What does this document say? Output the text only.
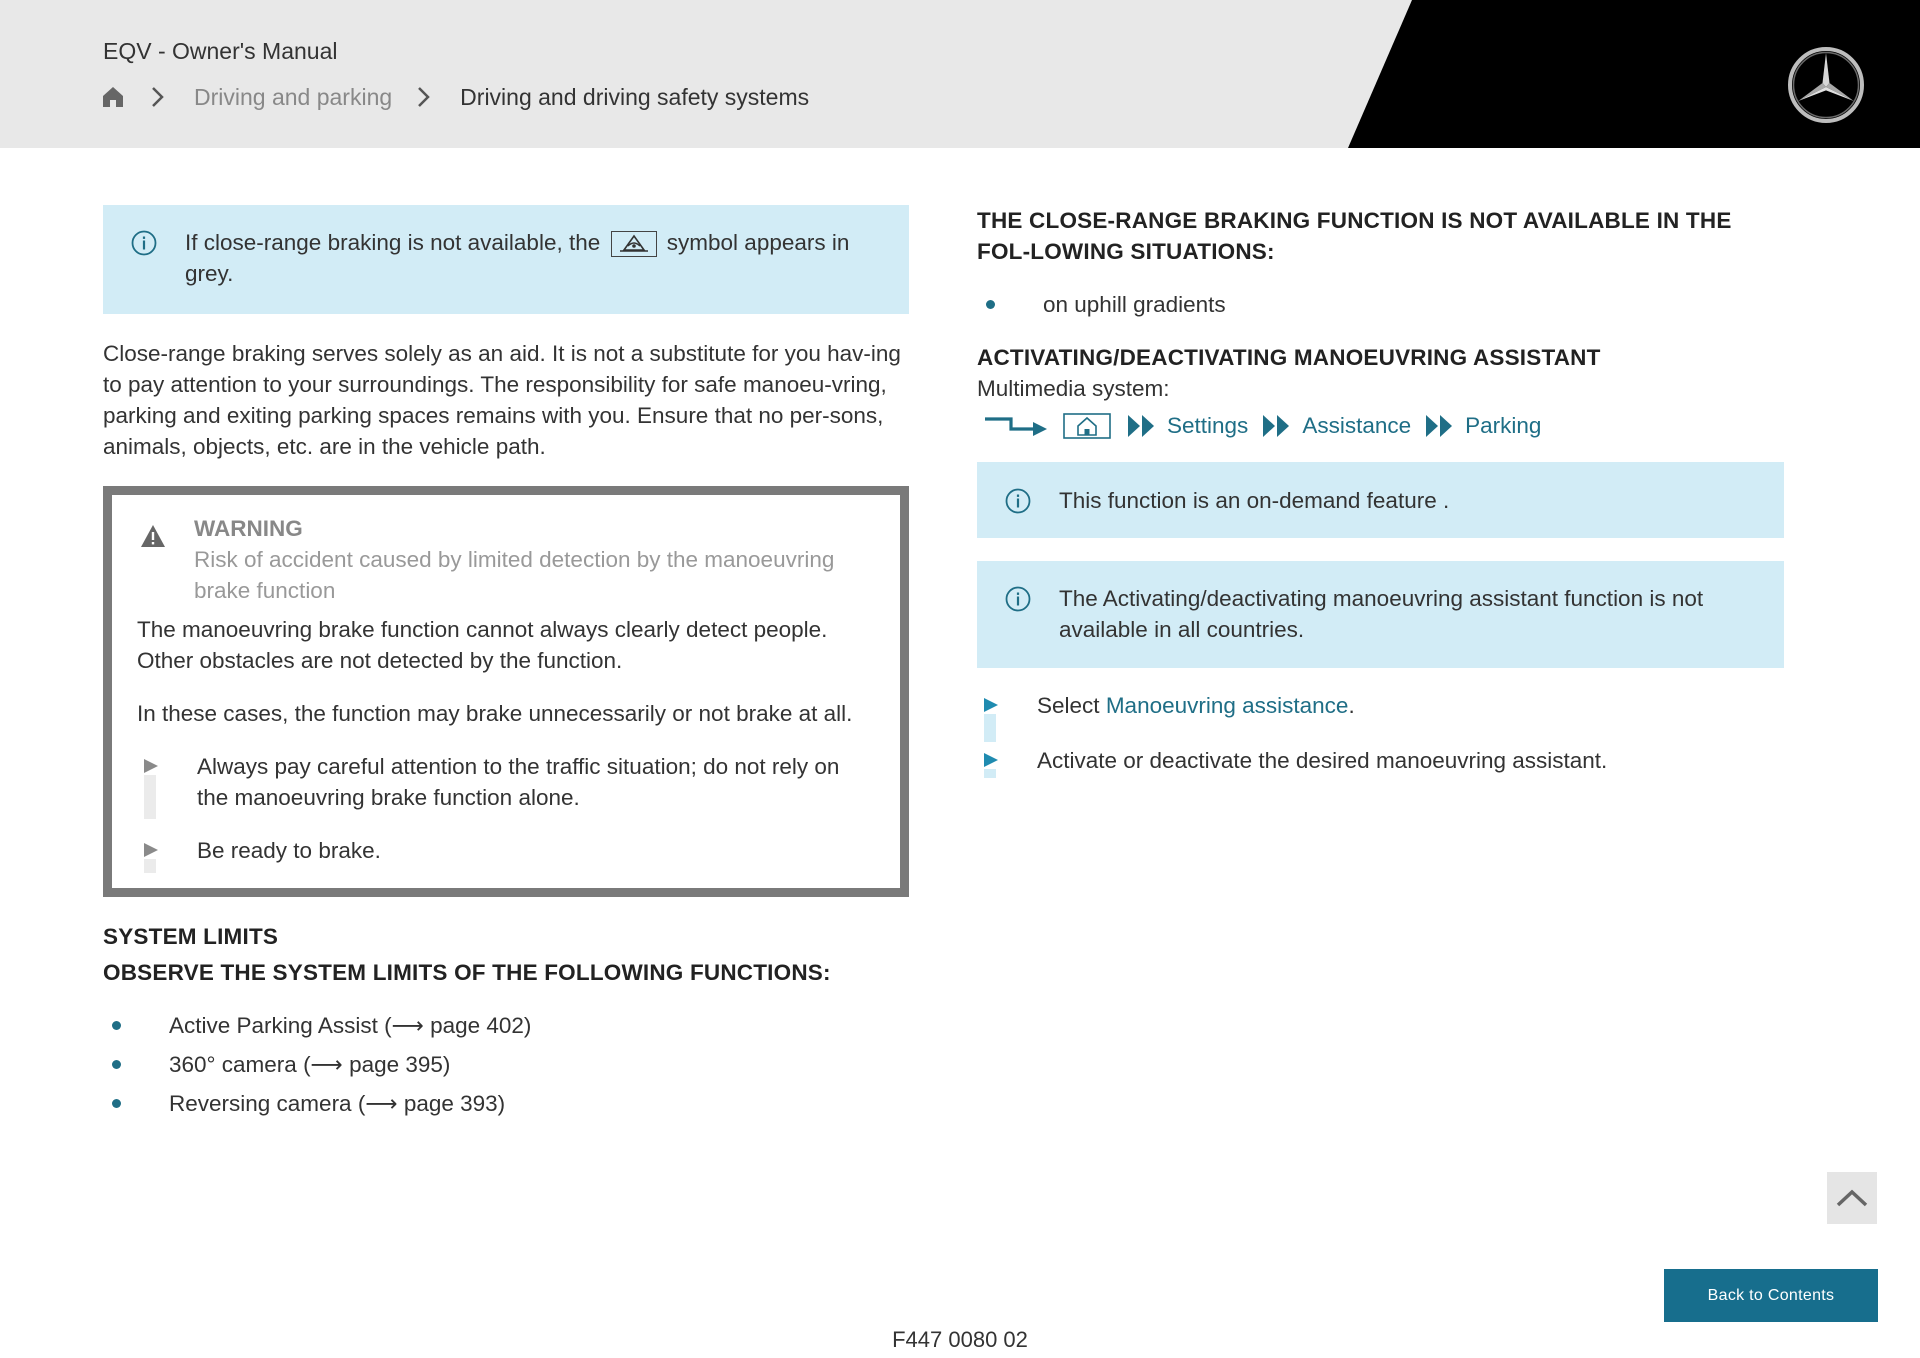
EQV - Owner's Manual
Driving and parking	Driving and driving safety systems
If close-range braking is not available, the	symbol appears in grey.
Close-range braking serves solely as an aid. It is not a substitute for you hav-ing to pay attention to your surroundings. The responsibility for safe manoeu-vring, parking and exiting parking spaces remains with you. Ensure that no per-sons, animals, objects, etc. are in the vehicle path.
WARNING
Risk of accident caused by limited detection by the manoeuvring brake function
The manoeuvring brake function cannot always clearly detect people. Other obstacles are not detected by the function.
In these cases, the function may brake unnecessarily or not brake at all.
Always pay careful attention to the traffic situation; do not rely on the manoeuvring brake function alone.
Be ready to brake.
SYSTEM LIMITS
OBSERVE THE SYSTEM LIMITS OF THE FOLLOWING FUNCTIONS:
Active Parking Assist (⟶ page 402)
360° camera (⟶ page 395)
Reversing camera (⟶ page 393)
THE CLOSE-RANGE BRAKING FUNCTION IS NOT AVAILABLE IN THE FOL-LOWING SITUATIONS:
on uphill gradients
ACTIVATING/DEACTIVATING MANOEUVRING ASSISTANT
Multimedia system:
Settings Assistance Parking
This function is an on-demand feature .
The Activating/deactivating manoeuvring assistant function is not available in all countries.
Select Manoeuvring assistance.
Activate or deactivate the desired manoeuvring assistant.
Back to Contents
F447 0080 02
